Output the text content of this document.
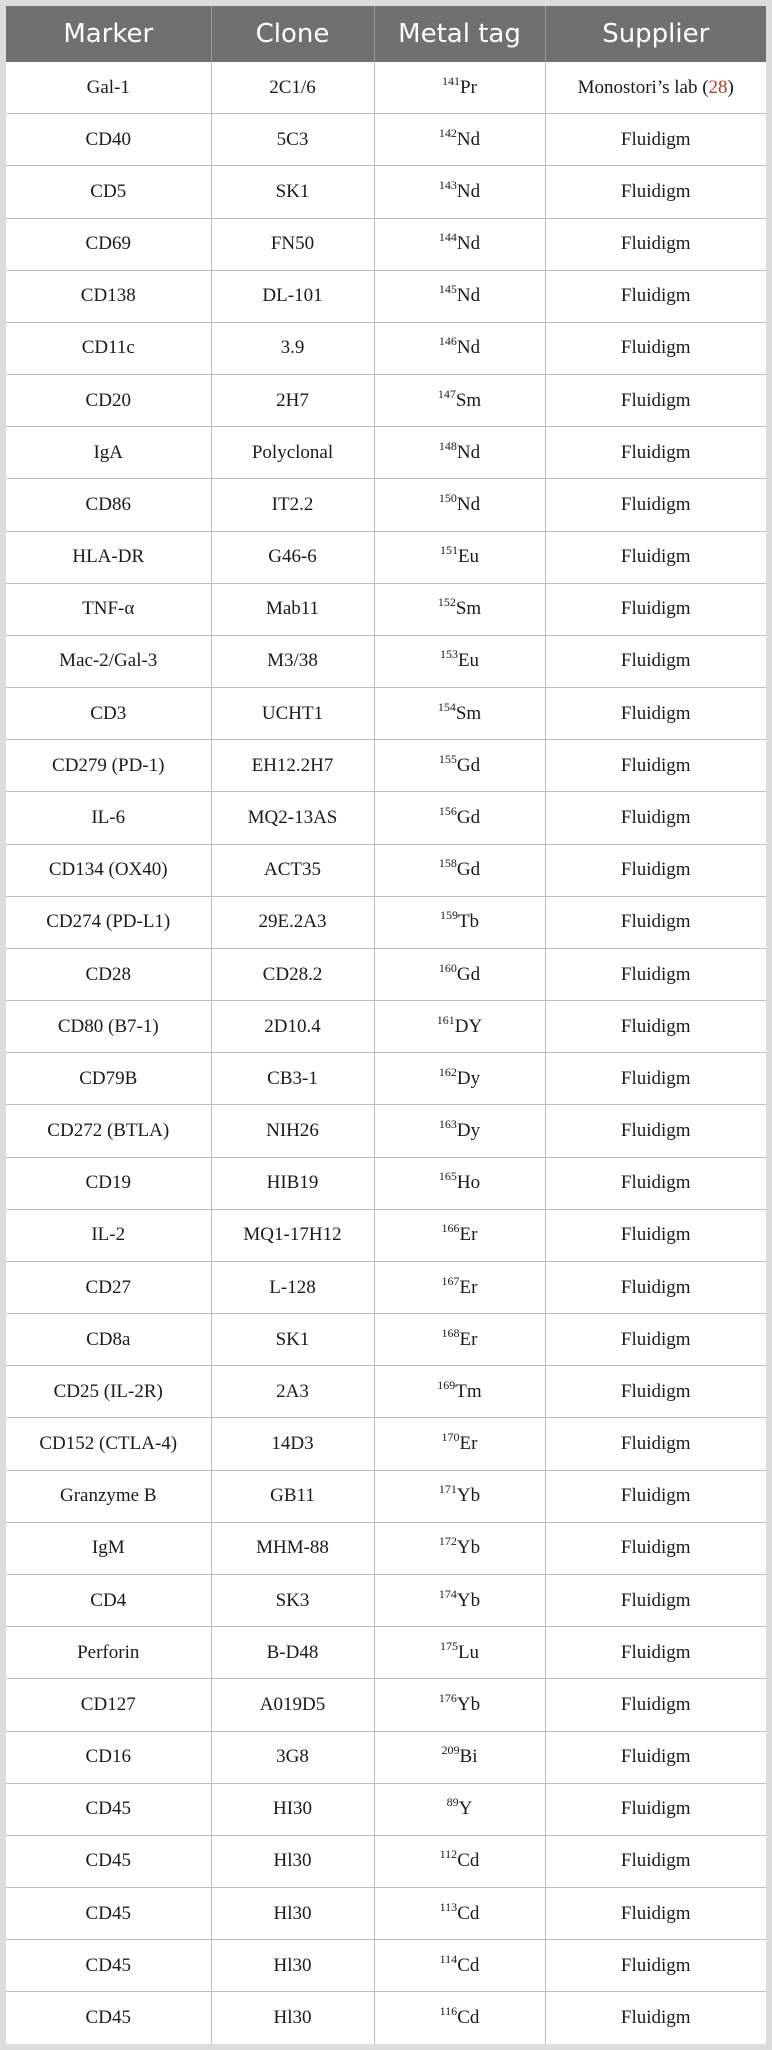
Marker	Clone	Metal tag	Supplier
Gal-1	2C1/6	$^{141}$Pr	Monostori’s lab (28)
CD40	5C3	$^{142}$Nd	Fluidigm
CD5	SK1	$^{143}$Nd	Fluidigm
CD69	FN50	$^{144}$Nd	Fluidigm
CD138	DL-101	$^{145}$Nd	Fluidigm
CD11c	3.9	$^{146}$Nd	Fluidigm
CD20	2H7	$^{147}$Sm	Fluidigm
IgA	Polyclonal	$^{148}$Nd	Fluidigm
CD86	IT2.2	$^{150}$Nd	Fluidigm
HLA-DR	G46-6	$^{151}$Eu	Fluidigm
TNF-α	Mab11	$^{152}$Sm	Fluidigm
Mac-2/Gal-3	M3/38	$^{153}$Eu	Fluidigm
CD3	UCHT1	$^{154}$Sm	Fluidigm
CD279 (PD-1)	EH12.2H7	$^{155}$Gd	Fluidigm
IL-6	MQ2-13AS	$^{156}$Gd	Fluidigm
CD134 (OX40)	ACT35	$^{158}$Gd	Fluidigm
CD274 (PD-L1)	29E.2A3	$^{159}$Tb	Fluidigm
CD28	CD28.2	$^{160}$Gd	Fluidigm
CD80 (B7-1)	2D10.4	$^{161}$DY	Fluidigm
CD79B	CB3-1	$^{162}$Dy	Fluidigm
CD272 (BTLA)	NIH26	$^{163}$Dy	Fluidigm
CD19	HIB19	$^{165}$Ho	Fluidigm
IL-2	MQ1-17H12	$^{166}$Er	Fluidigm
CD27	L-128	$^{167}$Er	Fluidigm
CD8a	SK1	$^{168}$Er	Fluidigm
CD25 (IL-2R)	2A3	$^{169}$Tm	Fluidigm
CD152 (CTLA-4)	14D3	$^{170}$Er	Fluidigm
Granzyme B	GB11	$^{171}$Yb	Fluidigm
IgM	MHM-88	$^{172}$Yb	Fluidigm
CD4	SK3	$^{174}$Yb	Fluidigm
Perforin	B-D48	$^{175}$Lu	Fluidigm
CD127	A019D5	$^{176}$Yb	Fluidigm
CD16	3G8	$^{209}$Bi	Fluidigm
CD45	HI30	$^{89}$Y	Fluidigm
CD45	Hl30	$^{112}$Cd	Fluidigm
CD45	Hl30	$^{113}$Cd	Fluidigm
CD45	Hl30	$^{114}$Cd	Fluidigm
CD45	Hl30	$^{116}$Cd	Fluidigm
